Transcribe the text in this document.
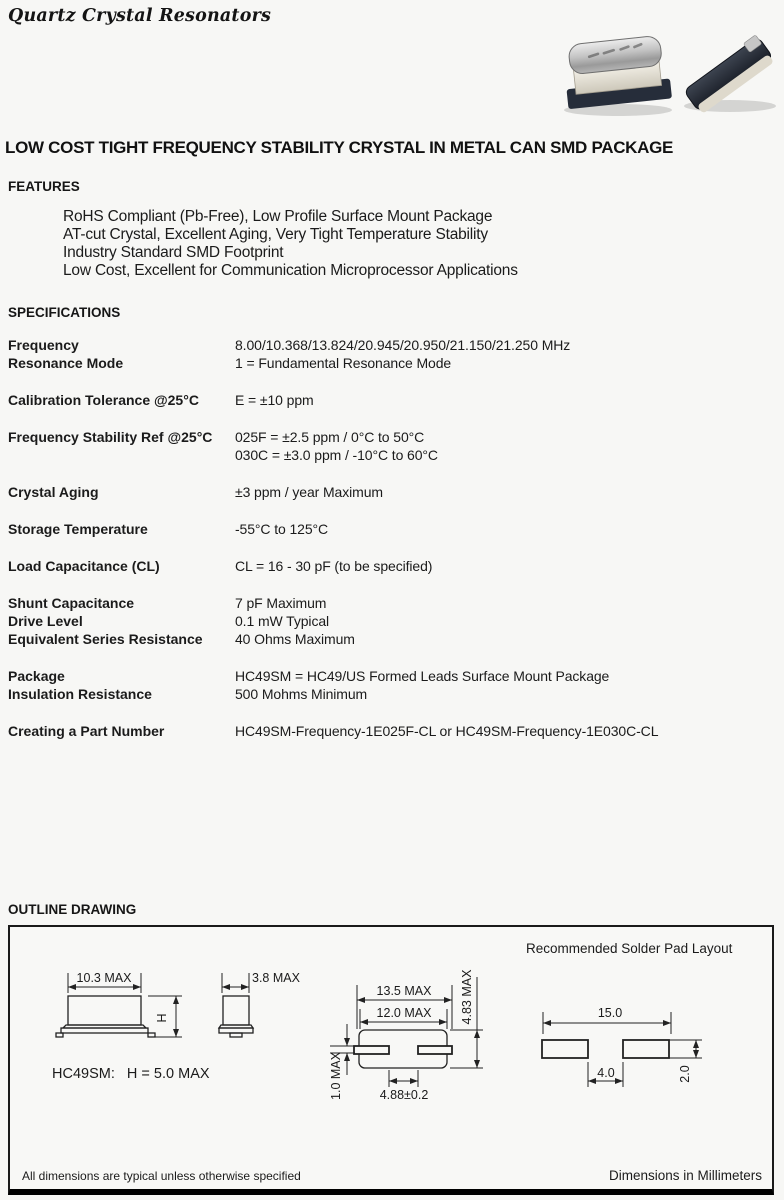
Quartz Crystal Resonators
LOW COST TIGHT FREQUENCY STABILITY CRYSTAL IN METAL CAN SMD PACKAGE
FEATURES
RoHS Compliant (Pb-Free), Low Profile Surface Mount Package
AT-cut Crystal, Excellent Aging, Very Tight Temperature Stability
Industry Standard SMD Footprint
Low Cost, Excellent for Communication Microprocessor Applications
SPECIFICATIONS
Frequency	8.00/10.368/13.824/20.945/20.950/21.150/21.250 MHz
Resonance Mode	1 = Fundamental Resonance Mode
Calibration Tolerance @25°C	E = ±10 ppm
Frequency Stability Ref @25°C	025F = ±2.5 ppm / 0°C to 50°C
030C = ±3.0 ppm / -10°C to 60°C
Crystal Aging	±3 ppm / year Maximum
Storage Temperature	-55°C to 125°C
Load Capacitance (CL)	CL = 16 - 30 pF (to be specified)
Shunt Capacitance	7 pF Maximum
Drive Level	0.1 mW Typical
Equivalent Series Resistance	40 Ohms Maximum
Package	HC49SM = HC49/US Formed Leads Surface Mount Package
Insulation Resistance	500 Mohms Minimum
Creating a Part Number	HC49SM-Frequency-1E025F-CL or HC49SM-Frequency-1E030C-CL
OUTLINE DRAWING
Recommended Solder Pad Layout
10.3 MAX
H
HC49SM:   H = 5.0 MAX
3.8 MAX
13.5 MAX
12.0 MAX 4.83 MAX
1.0 MAX	4.88±0.2
15.0
4.0	2.0
All dimensions are typical unless otherwise specified	Dimensions in Millimeters
